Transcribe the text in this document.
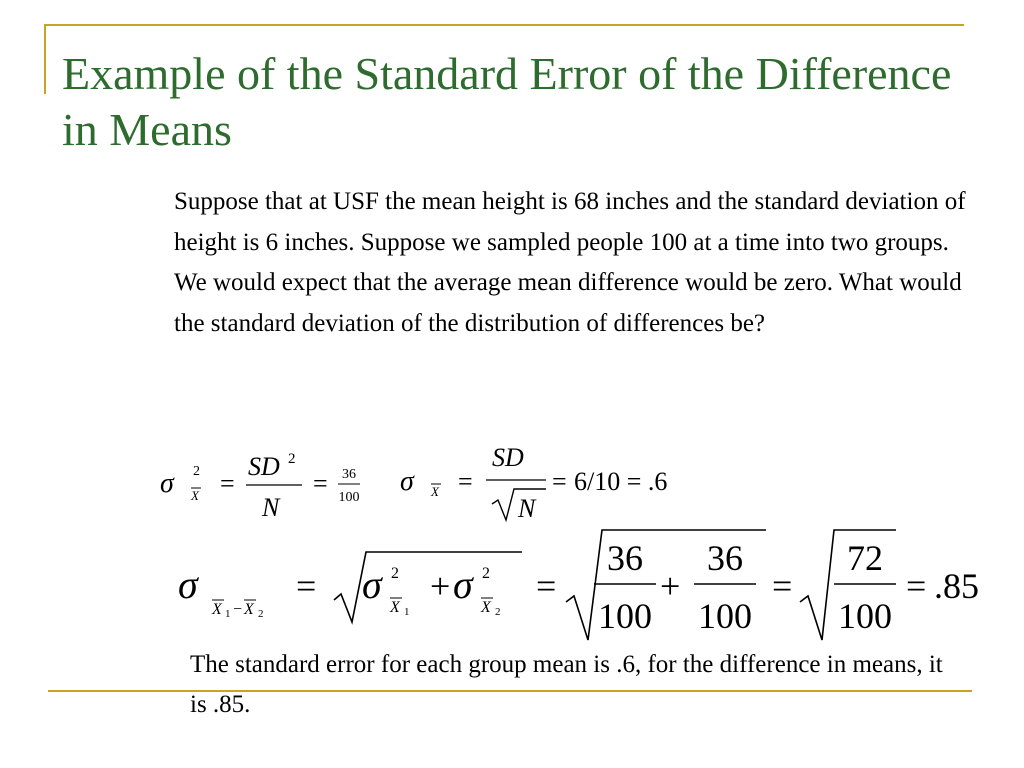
Example of the Standard Error of the Difference in Means
Suppose that at USF the mean height is 68 inches and the standard deviation of height is 6 inches. Suppose we sampled people 100 at a time into two groups. We would expect that the average mean difference would be zero. What would the standard deviation of the distribution of differences be?
σ 2
X =
SD 2
N
= 36
100
σ X =
SD
N
= 6/10 = .6
σ
X 1 − X 2
= σ 2
X 1
+ σ 2
X 2
=
36
100
+
36
100
=
72
100
= .85
The standard error for each group mean is .6, for the difference in means, it is .85.
